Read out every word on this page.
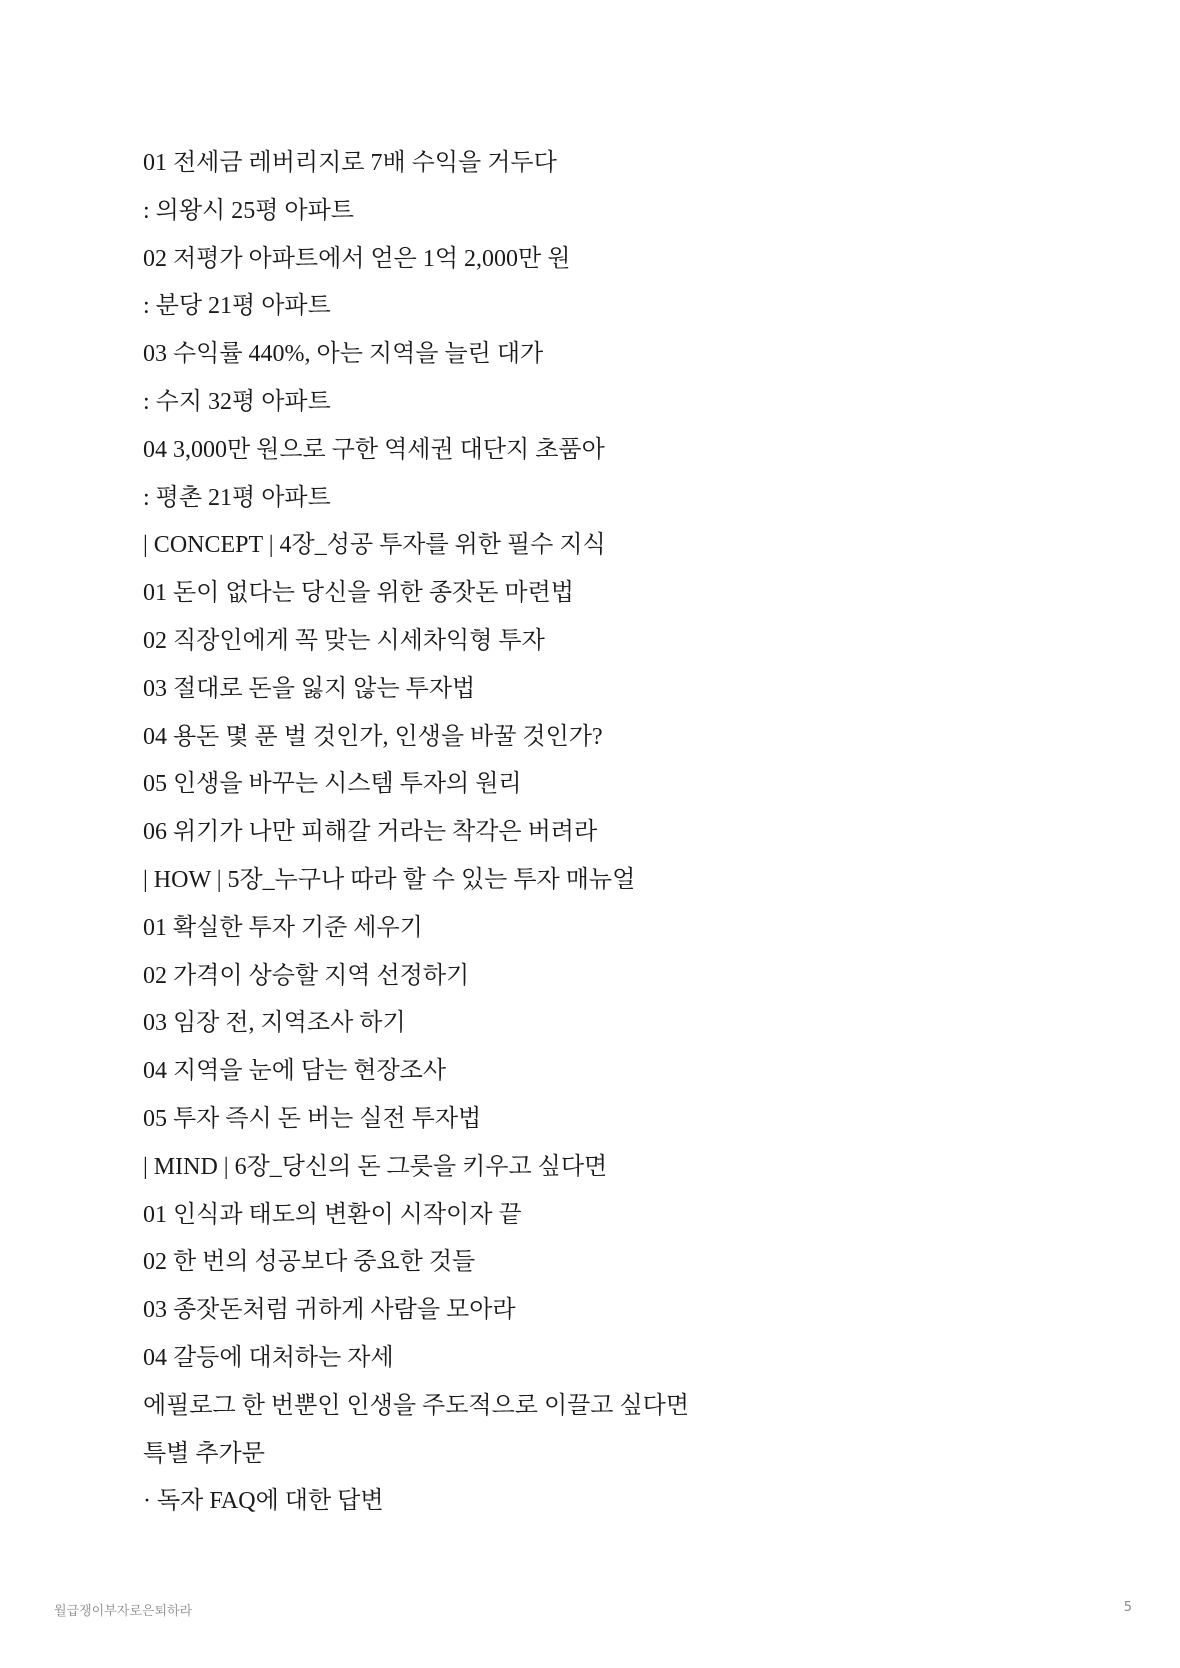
01 전세금 레버리지로 7배 수익을 거두다
: 의왕시 25평 아파트
02 저평가 아파트에서 얻은 1억 2,000만 원
: 분당 21평 아파트
03 수익률 440%, 아는 지역을 늘린 대가
: 수지 32평 아파트
04 3,000만 원으로 구한 역세권 대단지 초품아
: 평촌 21평 아파트
| CONCEPT | 4장_성공 투자를 위한 필수 지식
01 돈이 없다는 당신을 위한 종잣돈 마련법
02 직장인에게 꼭 맞는 시세차익형 투자
03 절대로 돈을 잃지 않는 투자법
04 용돈 몇 푼 벌 것인가, 인생을 바꿀 것인가?
05 인생을 바꾸는 시스템 투자의 원리
06 위기가 나만 피해갈 거라는 착각은 버려라
| HOW | 5장_누구나 따라 할 수 있는 투자 매뉴얼
01 확실한 투자 기준 세우기
02 가격이 상승할 지역 선정하기
03 임장 전, 지역조사 하기
04 지역을 눈에 담는 현장조사
05 투자 즉시 돈 버는 실전 투자법
| MIND | 6장_당신의 돈 그릇을 키우고 싶다면
01 인식과 태도의 변환이 시작이자 끝
02 한 번의 성공보다 중요한 것들
03 종잣돈처럼 귀하게 사람을 모아라
04 갈등에 대처하는 자세
에필로그 한 번뿐인 인생을 주도적으로 이끌고 싶다면
특별 추가문
· 독자 FAQ에 대한 답변
월급쟁이부자로은퇴하라	5
